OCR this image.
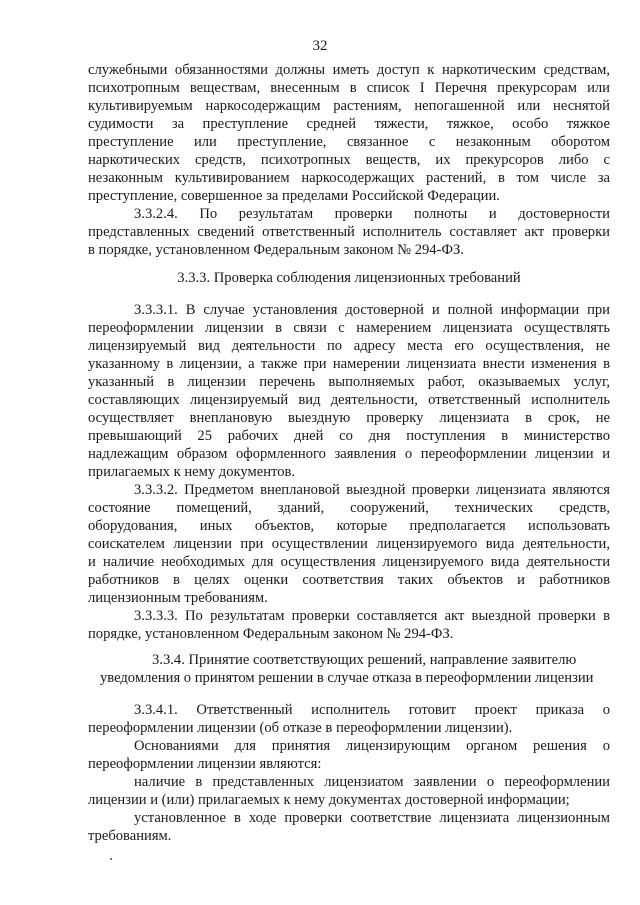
32
служебными обязанностями должны иметь доступ к наркотическим средствам,
психотропным веществам, внесенным в список I Перечня прекурсорам или
культивируемым наркосодержащим растениям, непогашенной или неснятой
судимости за преступление средней тяжести, тяжкое, особо тяжкое
преступление или преступление, связанное с незаконным оборотом
наркотических средств, психотропных веществ, их прекурсоров либо с
незаконным культивированием наркосодержащих растений, в том числе за
преступление, совершенное за пределами Российской Федерации.
3.3.2.4. По результатам проверки полноты и достоверности
представленных сведений ответственный исполнитель составляет акт проверки
в порядке, установленном Федеральным законом № 294-ФЗ.
3.3.3. Проверка соблюдения лицензионных требований
3.3.3.1. В случае установления достоверной и полной информации при
переоформлении лицензии в связи с намерением лицензиата осуществлять
лицензируемый вид деятельности по адресу места его осуществления, не
указанному в лицензии, а также при намерении лицензиата внести изменения в
указанный в лицензии перечень выполняемых работ, оказываемых услуг,
составляющих лицензируемый вид деятельности, ответственный исполнитель
осуществляет внеплановую выездную проверку лицензиата в срок, не
превышающий 25 рабочих дней со дня поступления в министерство
надлежащим образом оформленного заявления о переоформлении лицензии и
прилагаемых к нему документов.
3.3.3.2. Предметом внеплановой выездной проверки лицензиата являются
состояние помещений, зданий, сооружений, технических средств,
оборудования, иных объектов, которые предполагается использовать
соискателем лицензии при осуществлении лицензируемого вида деятельности,
и наличие необходимых для осуществления лицензируемого вида деятельности
работников в целях оценки соответствия таких объектов и работников
лицензионным требованиям.
3.3.3.3. По результатам проверки составляется акт выездной проверки в
порядке, установленном Федеральным законом № 294-ФЗ.
3.3.4. Принятие соответствующих решений, направление заявителю
уведомления о принятом решении в случае отказа в переоформлении лицензии
3.3.4.1. Ответственный исполнитель готовит проект приказа о
переоформлении лицензии (об отказе в переоформлении лицензии).
Основаниями для принятия лицензирующим органом решения о
переоформлении лицензии являются:
наличие в представленных лицензиатом заявлении о переоформлении
лицензии и (или) прилагаемых к нему документах достоверной информации;
установленное в ходе проверки соответствие лицензиата лицензионным
требованиям.
